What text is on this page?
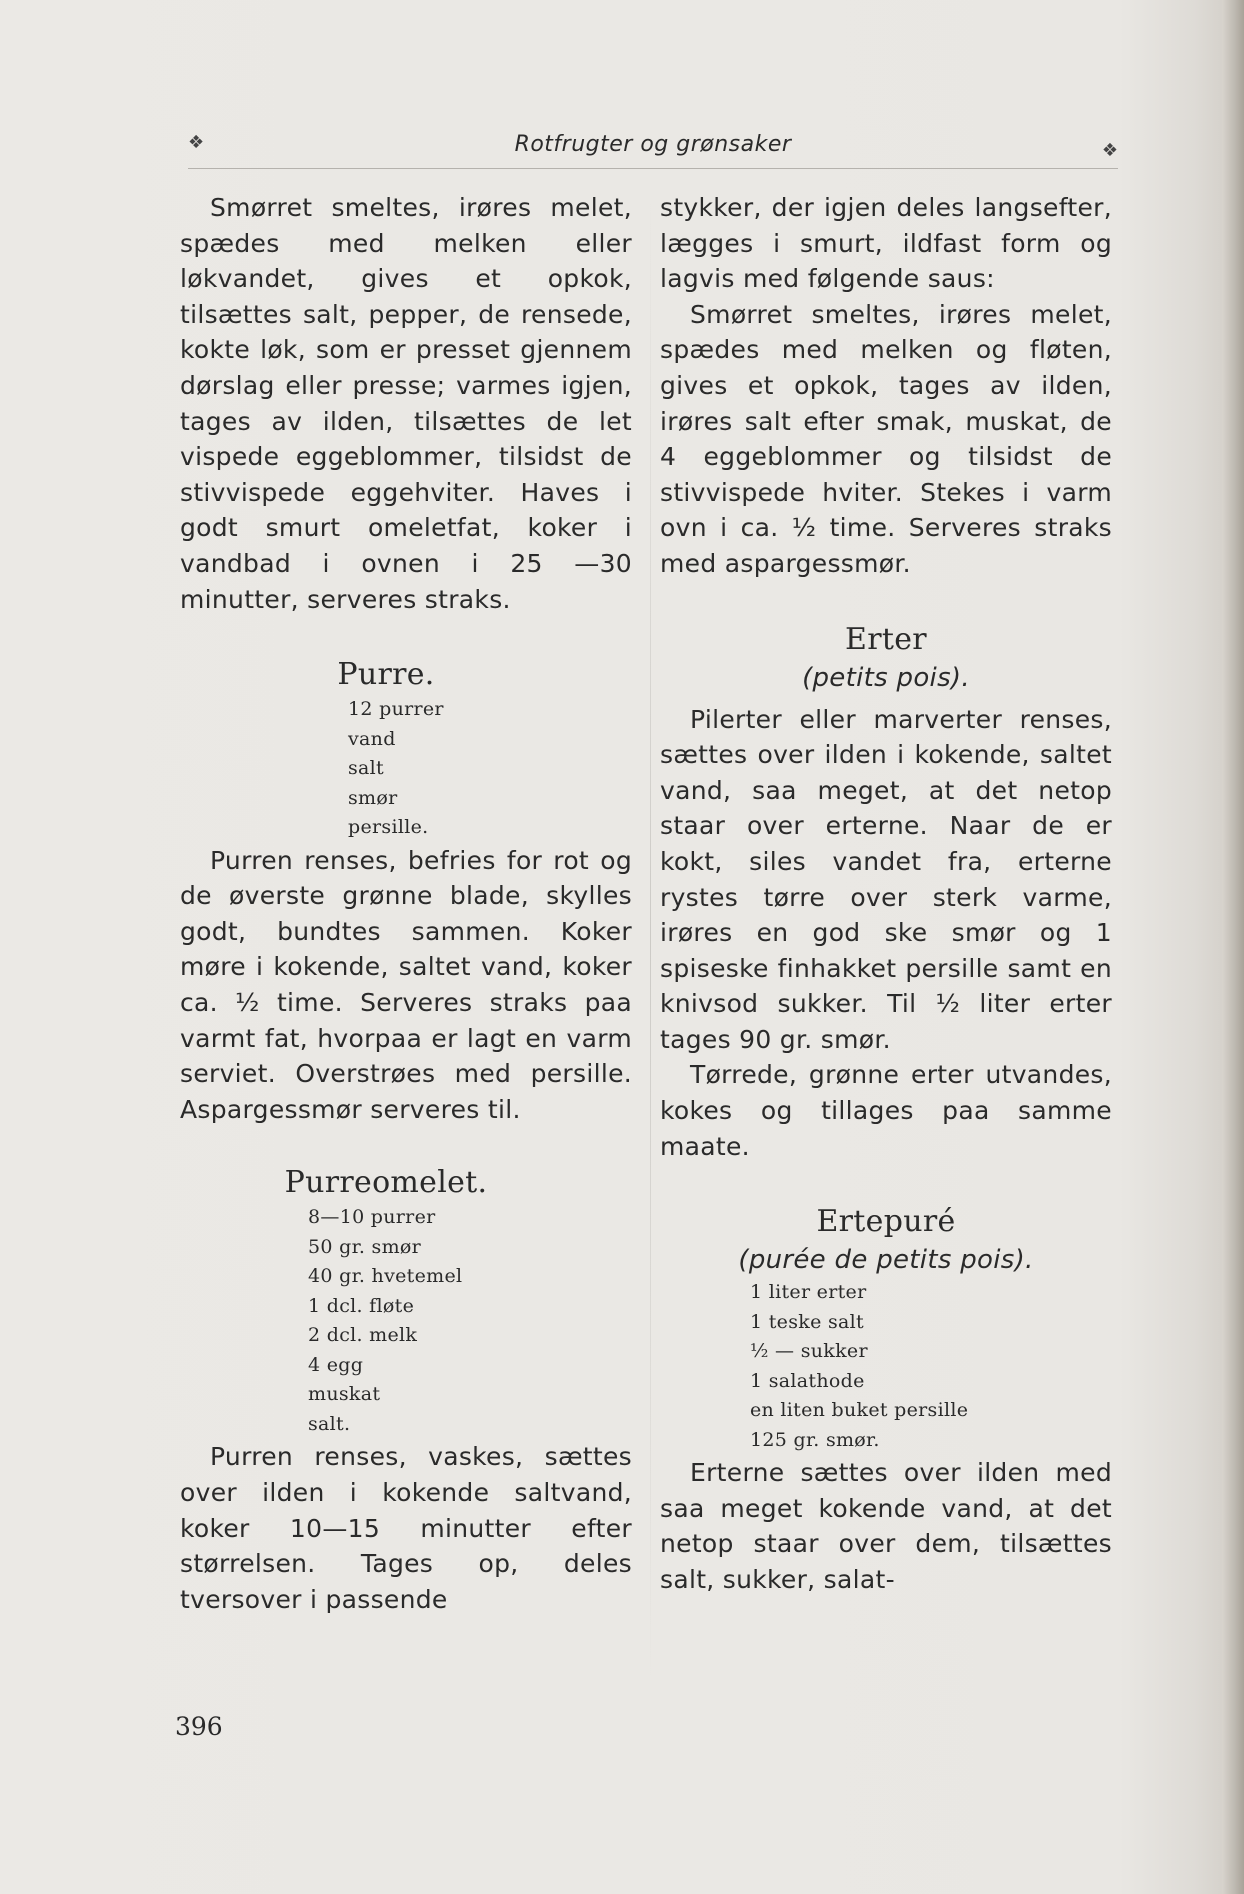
❖	Rotfrugter og grønsaker	❖

Smørret smeltes, irøres melet, spædes med melken eller løkvandet, gives et opkok, tilsættes salt, pepper, de rensede, kokte løk, som er presset gjennem dørslag eller presse; varmes igjen, tages av ilden, tilsættes de let vispede eggeblommer, tilsidst de stivvispede eggehviter. Haves i godt smurt omeletfat, koker i vandbad i ovnen i 25 —30 minutter, serveres straks.

Purre.
12 purrer
vand
salt
smør
persille.

Purren renses, befries for rot og de øverste grønne blade, skylles godt, bundtes sammen. Koker møre i kokende, saltet vand, koker ca. ½ time. Serveres straks paa varmt fat, hvorpaa er lagt en varm serviet. Overstrøes med persille. Aspargessmør serveres til.

Purreomelet.
8—10 purrer
50 gr. smør
40 gr. hvetemel
1 dcl. fløte
2 dcl. melk
4 egg
muskat
salt.

Purren renses, vaskes, sættes over ilden i kokende saltvand, koker 10—15 minutter efter størrelsen. Tages op, deles tversover i passende

stykker, der igjen deles langsefter, lægges i smurt, ildfast form og lagvis med følgende saus:

Smørret smeltes, irøres melet, spædes med melken og fløten, gives et opkok, tages av ilden, irøres salt efter smak, muskat, de 4 eggeblommer og tilsidst de stivvispede hviter. Stekes i varm ovn i ca. ½ time. Serveres straks med aspargessmør.

Erter
(petits pois).

Pilerter eller marverter renses, sættes over ilden i kokende, saltet vand, saa meget, at det netop staar over erterne. Naar de er kokt, siles vandet fra, erterne rystes tørre over sterk varme, irøres en god ske smør og 1 spiseske finhakket persille samt en knivsod sukker. Til ½ liter erter tages 90 gr. smør.

Tørrede, grønne erter utvandes, kokes og tillages paa samme maate.

Ertepuré
(purée de petits pois).
1 liter erter
1 teske salt
½ — sukker
1 salathode
en liten buket persille
125 gr. smør.

Erterne sættes over ilden med saa meget kokende vand, at det netop staar over dem, tilsættes salt, sukker, salat-

396
